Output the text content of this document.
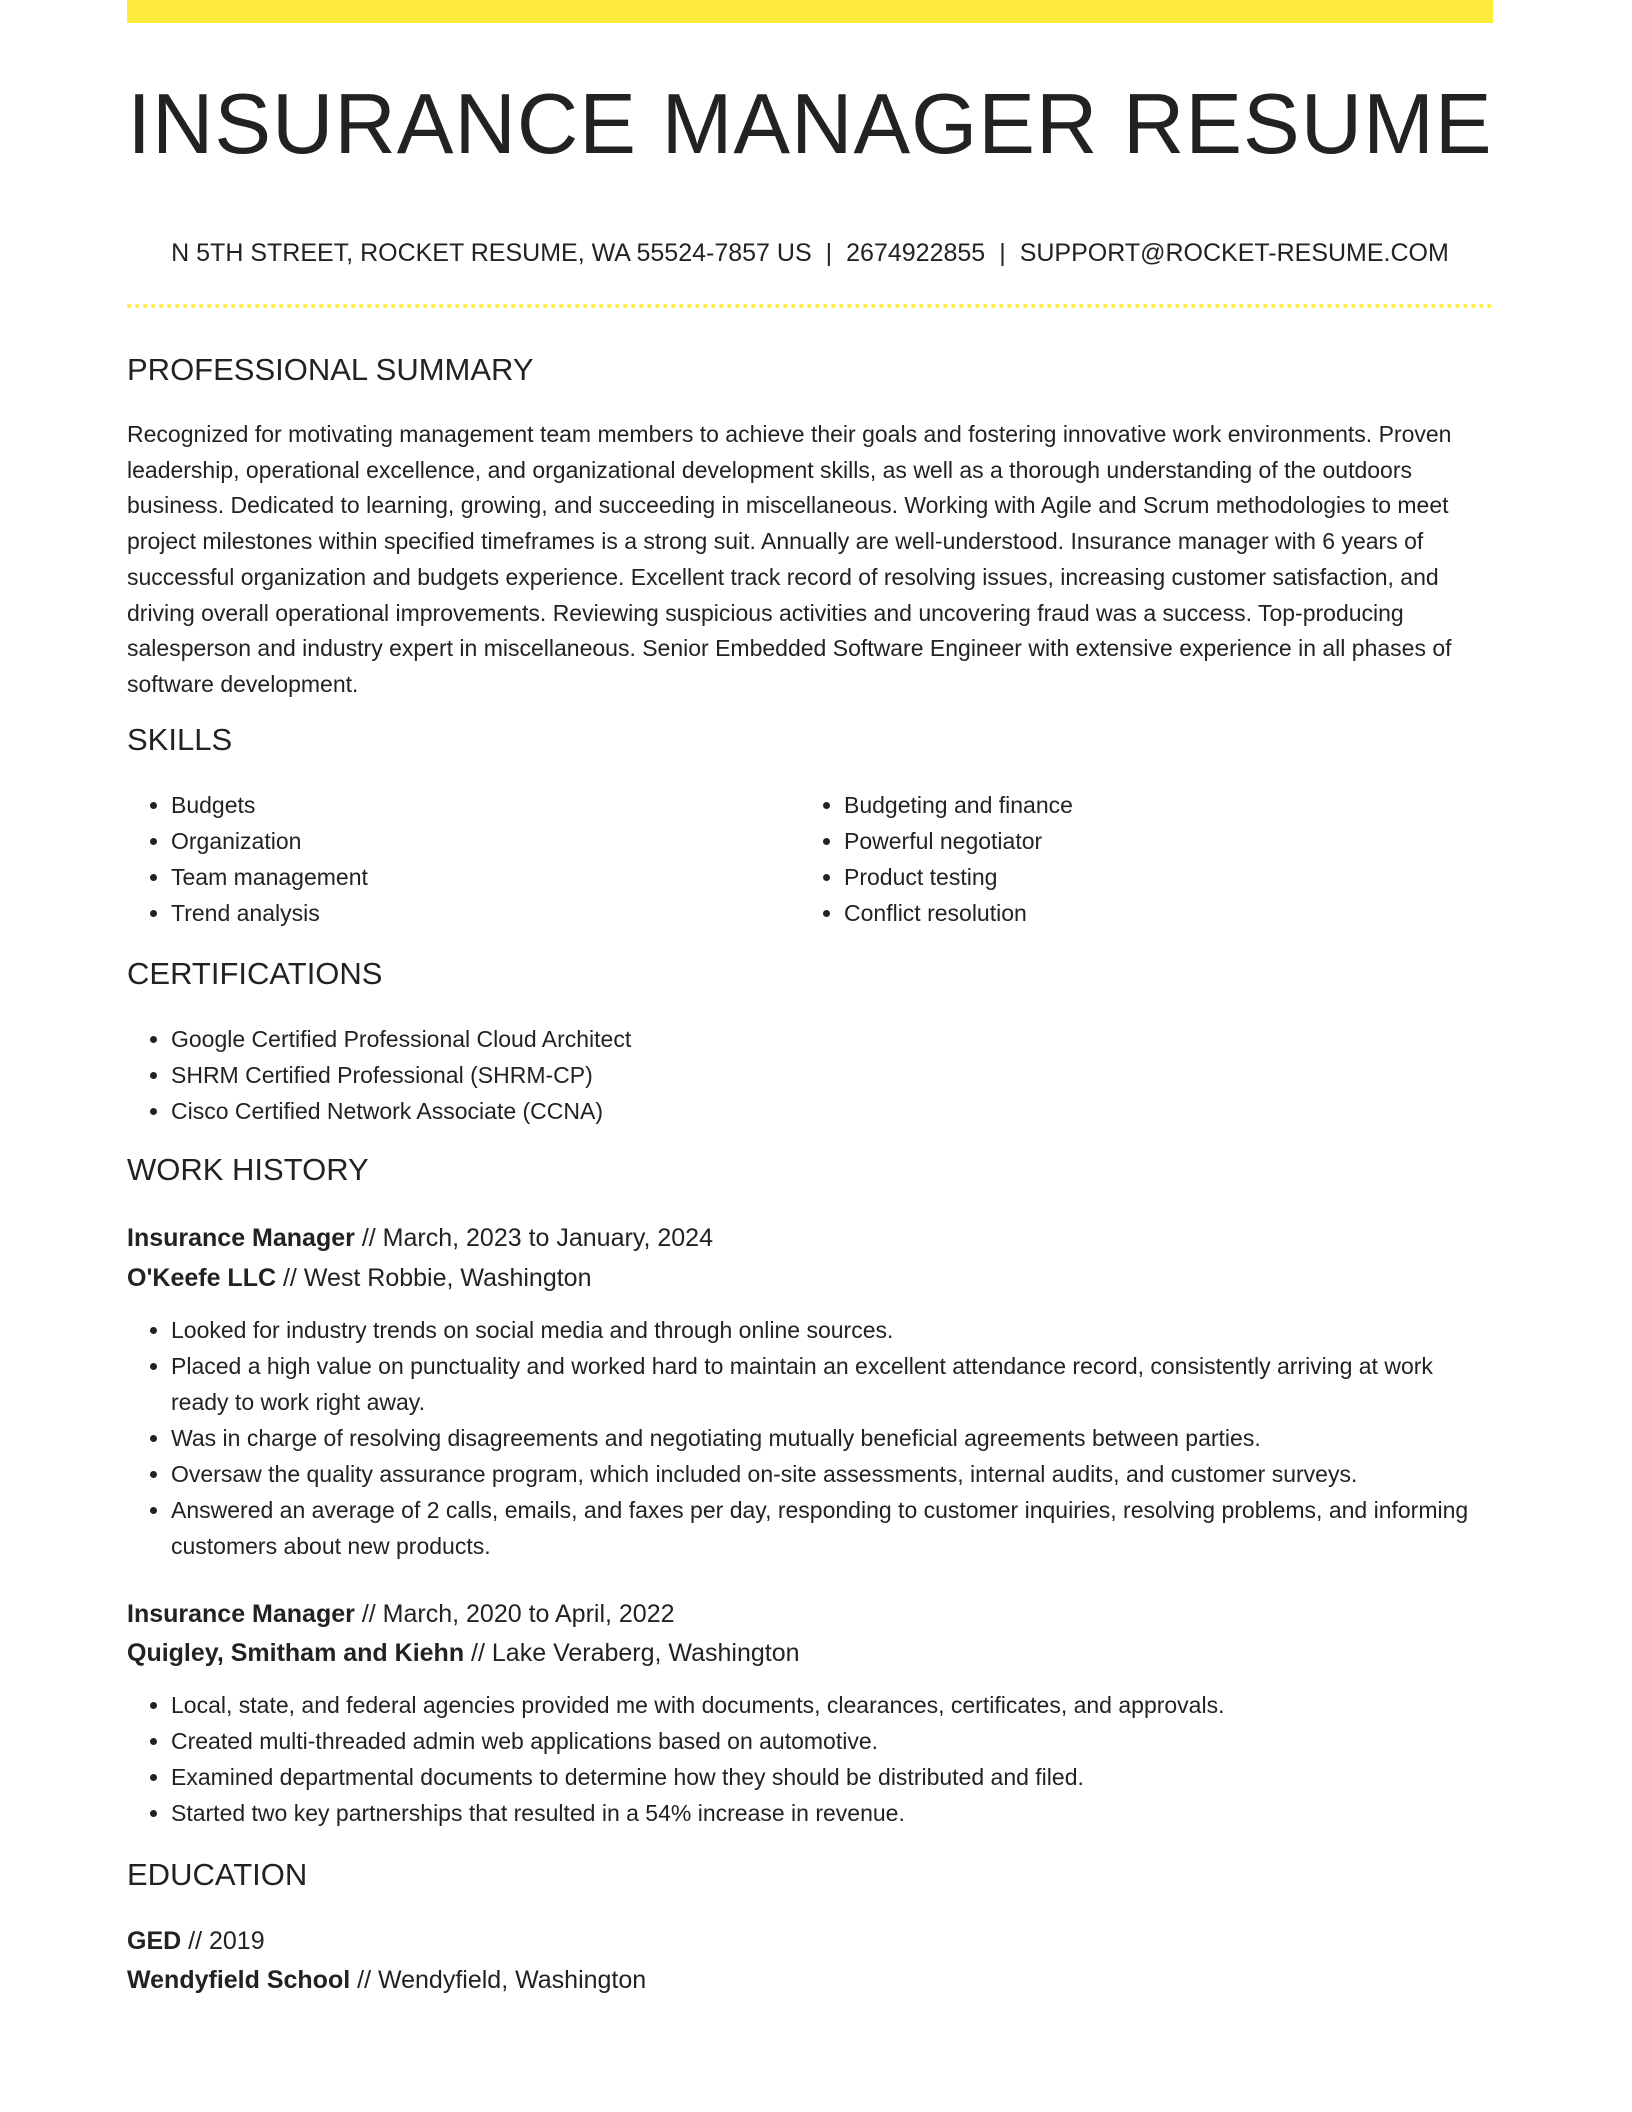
INSURANCE MANAGER RESUME
N 5TH STREET, ROCKET RESUME, WA 55524-7857 US | 2674922855 | SUPPORT@ROCKET-RESUME.COM
PROFESSIONAL SUMMARY

Recognized for motivating management team members to achieve their goals and fostering innovative work environments. Proven leadership, operational excellence, and organizational development skills, as well as a thorough understanding of the outdoors business. Dedicated to learning, growing, and succeeding in miscellaneous. Working with Agile and Scrum methodologies to meet project milestones within specified timeframes is a strong suit. Annually are well-understood. Insurance manager with 6 years of successful organization and budgets experience. Excellent track record of resolving issues, increasing customer satisfaction, and driving overall operational improvements. Reviewing suspicious activities and uncovering fraud was a success. Top-producing salesperson and industry expert in miscellaneous. Senior Embedded Software Engineer with extensive experience in all phases of software development.

SKILLS
• Budgets
• Organization
• Team management
• Trend analysis
• Budgeting and finance
• Powerful negotiator
• Product testing
• Conflict resolution
CERTIFICATIONS
• Google Certified Professional Cloud Architect
• SHRM Certified Professional (SHRM-CP)
• Cisco Certified Network Associate (CCNA)
WORK HISTORY
Insurance Manager // March, 2023 to January, 2024
O'Keefe LLC // West Robbie, Washington
• Looked for industry trends on social media and through online sources.
• Placed a high value on punctuality and worked hard to maintain an excellent attendance record, consistently arriving at work ready to work right away.
• Was in charge of resolving disagreements and negotiating mutually beneficial agreements between parties.
• Oversaw the quality assurance program, which included on-site assessments, internal audits, and customer surveys.
• Answered an average of 2 calls, emails, and faxes per day, responding to customer inquiries, resolving problems, and informing customers about new products.
Insurance Manager // March, 2020 to April, 2022
Quigley, Smitham and Kiehn // Lake Veraberg, Washington
• Local, state, and federal agencies provided me with documents, clearances, certificates, and approvals.
• Created multi-threaded admin web applications based on automotive.
• Examined departmental documents to determine how they should be distributed and filed.
• Started two key partnerships that resulted in a 54% increase in revenue.
EDUCATION
GED // 2019
Wendyfield School // Wendyfield, Washington
